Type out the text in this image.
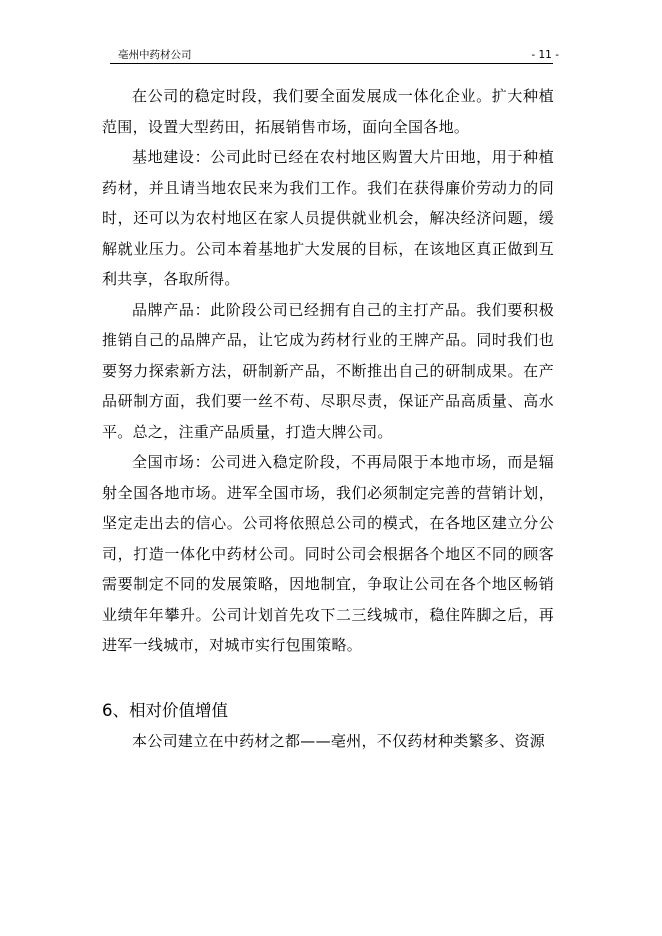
亳州中药材公司	- 11 -

在公司的稳定时段，我们要全面发展成一体化企业。扩大种植范围，设置大型药田，拓展销售市场，面向全国各地。

基地建设：公司此时已经在农村地区购置大片田地，用于种植药材，并且请当地农民来为我们工作。我们在获得廉价劳动力的同时，还可以为农村地区在家人员提供就业机会，解决经济问题，缓解就业压力。公司本着基地扩大发展的目标，在该地区真正做到互利共享，各取所得。

品牌产品：此阶段公司已经拥有自己的主打产品。我们要积极推销自己的品牌产品，让它成为药材行业的王牌产品。同时我们也要努力探索新方法，研制新产品，不断推出自己的研制成果。在产品研制方面，我们要一丝不苟、尽职尽责，保证产品高质量、高水平。总之，注重产品质量，打造大牌公司。

全国市场：公司进入稳定阶段，不再局限于本地市场，而是辐射全国各地市场。进军全国市场，我们必须制定完善的营销计划，坚定走出去的信心。公司将依照总公司的模式，在各地区建立分公司，打造一体化中药材公司。同时公司会根据各个地区不同的顾客需要制定不同的发展策略，因地制宜，争取让公司在各个地区畅销业绩年年攀升。公司计划首先攻下二三线城市，稳住阵脚之后，再进军一线城市，对城市实行包围策略。

6、相对价值增值

本公司建立在中药材之都——亳州，不仅药材种类繁多、资源
